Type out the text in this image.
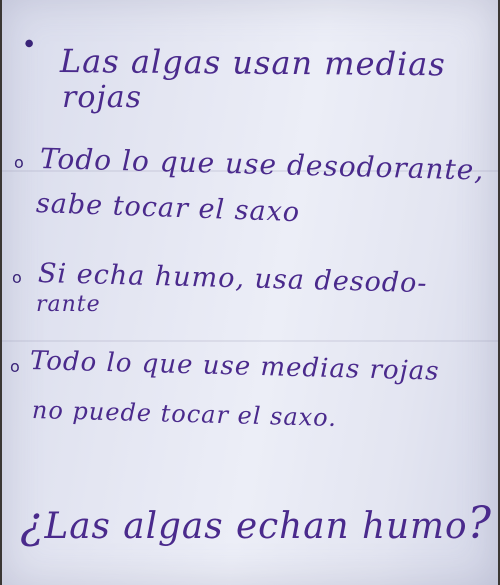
• Las algas usan medias
rojas
o Todo lo que use desodorante,
sabe tocar el saxo
o Si echa humo, usa desodo-
rante
o Todo lo que use medias rojas
no puede tocar el saxo.
¿Las algas echan humo?
